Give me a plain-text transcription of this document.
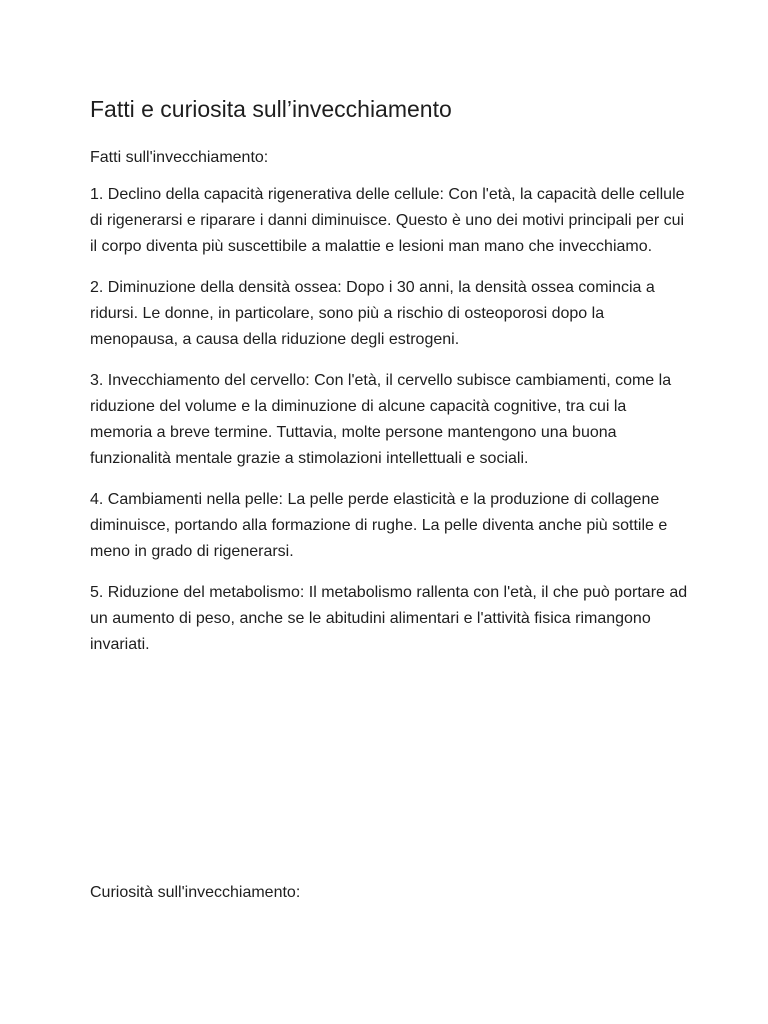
Fatti e curiosita sull’invecchiamento

Fatti sull'invecchiamento:

1. Declino della capacità rigenerativa delle cellule: Con l'età, la capacità delle cellule di rigenerarsi e riparare i danni diminuisce. Questo è uno dei motivi principali per cui il corpo diventa più suscettibile a malattie e lesioni man mano che invecchiamo.
2. Diminuzione della densità ossea: Dopo i 30 anni, la densità ossea comincia a ridursi. Le donne, in particolare, sono più a rischio di osteoporosi dopo la menopausa, a causa della riduzione degli estrogeni.
3. Invecchiamento del cervello: Con l'età, il cervello subisce cambiamenti, come la riduzione del volume e la diminuzione di alcune capacità cognitive, tra cui la memoria a breve termine. Tuttavia, molte persone mantengono una buona funzionalità mentale grazie a stimolazioni intellettuali e sociali.
4. Cambiamenti nella pelle: La pelle perde elasticità e la produzione di collagene diminuisce, portando alla formazione di rughe. La pelle diventa anche più sottile e meno in grado di rigenerarsi.
5. Riduzione del metabolismo: Il metabolismo rallenta con l'età, il che può portare ad un aumento di peso, anche se le abitudini alimentari e l'attività fisica rimangono invariati.

Curiosità sull'invecchiamento:
